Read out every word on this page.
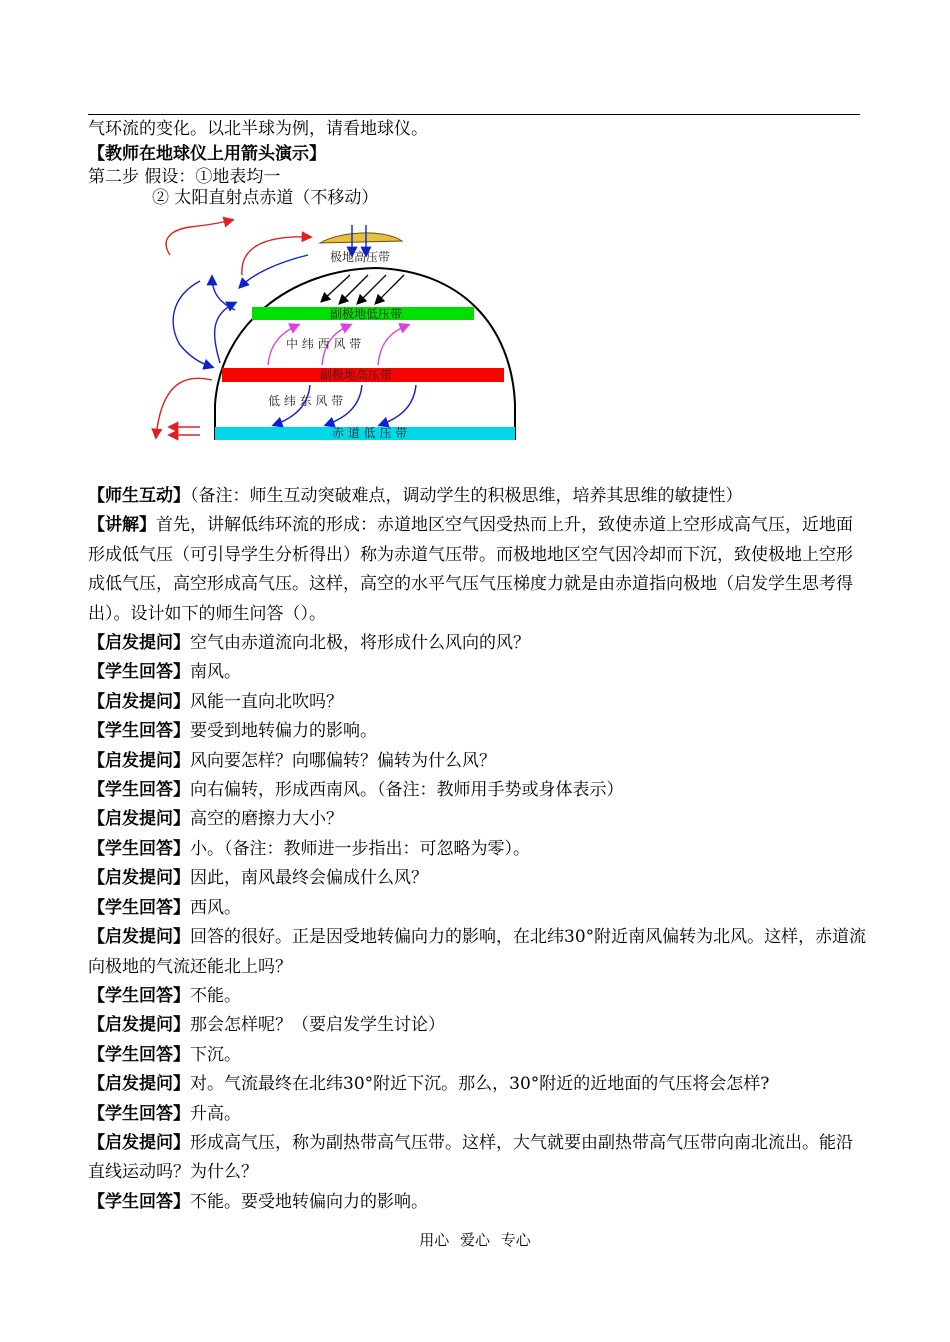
气环流的变化。以北半球为例，请看地球仪。
【教师在地球仪上用箭头演示】
第二步 假设：①地表均一
② 太阳直射点赤道（不移动）
极地高压带
副极地低压带
中 纬 西 风 带
副极地高压带
低 纬 东 风 带
赤 道 低 压 带
【师生互动】（备注：师生互动突破难点，调动学生的积极思维，培养其思维的敏捷性）
【讲解】首先，讲解低纬环流的形成：赤道地区空气因受热而上升，致使赤道上空形成高气压，近地面形成低气压（可引导学生分析得出）称为赤道气压带。而极地地区空气因冷却而下沉，致使极地上空形成低气压，高空形成高气压。这样，高空的水平气压气压梯度力就是由赤道指向极地（启发学生思考得出）。设计如下的师生问答（）。
【启发提问】空气由赤道流向北极，将形成什么风向的风？
【学生回答】南风。
【启发提问】风能一直向北吹吗？
【学生回答】要受到地转偏力的影响。
【启发提问】风向要怎样？向哪偏转？偏转为什么风？
【学生回答】向右偏转，形成西南风。（备注：教师用手势或身体表示）
【启发提问】高空的磨擦力大小？
【学生回答】小。（备注：教师进一步指出：可忽略为零）。
【启发提问】因此，南风最终会偏成什么风？
【学生回答】西风。
【启发提问】回答的很好。正是因受地转偏向力的影响，在北纬30°附近南风偏转为北风。这样，赤道流向极地的气流还能北上吗？
【学生回答】不能。
【启发提问】那会怎样呢？（要启发学生讨论）
【学生回答】下沉。
【启发提问】对。气流最终在北纬30°附近下沉。那么，30°附近的近地面的气压将会怎样?
【学生回答】升高。
【启发提问】形成高气压，称为副热带高气压带。这样，大气就要由副热带高气压带向南北流出。能沿直线运动吗？为什么？
【学生回答】不能。要受地转偏向力的影响。
用心 爱心 专心
